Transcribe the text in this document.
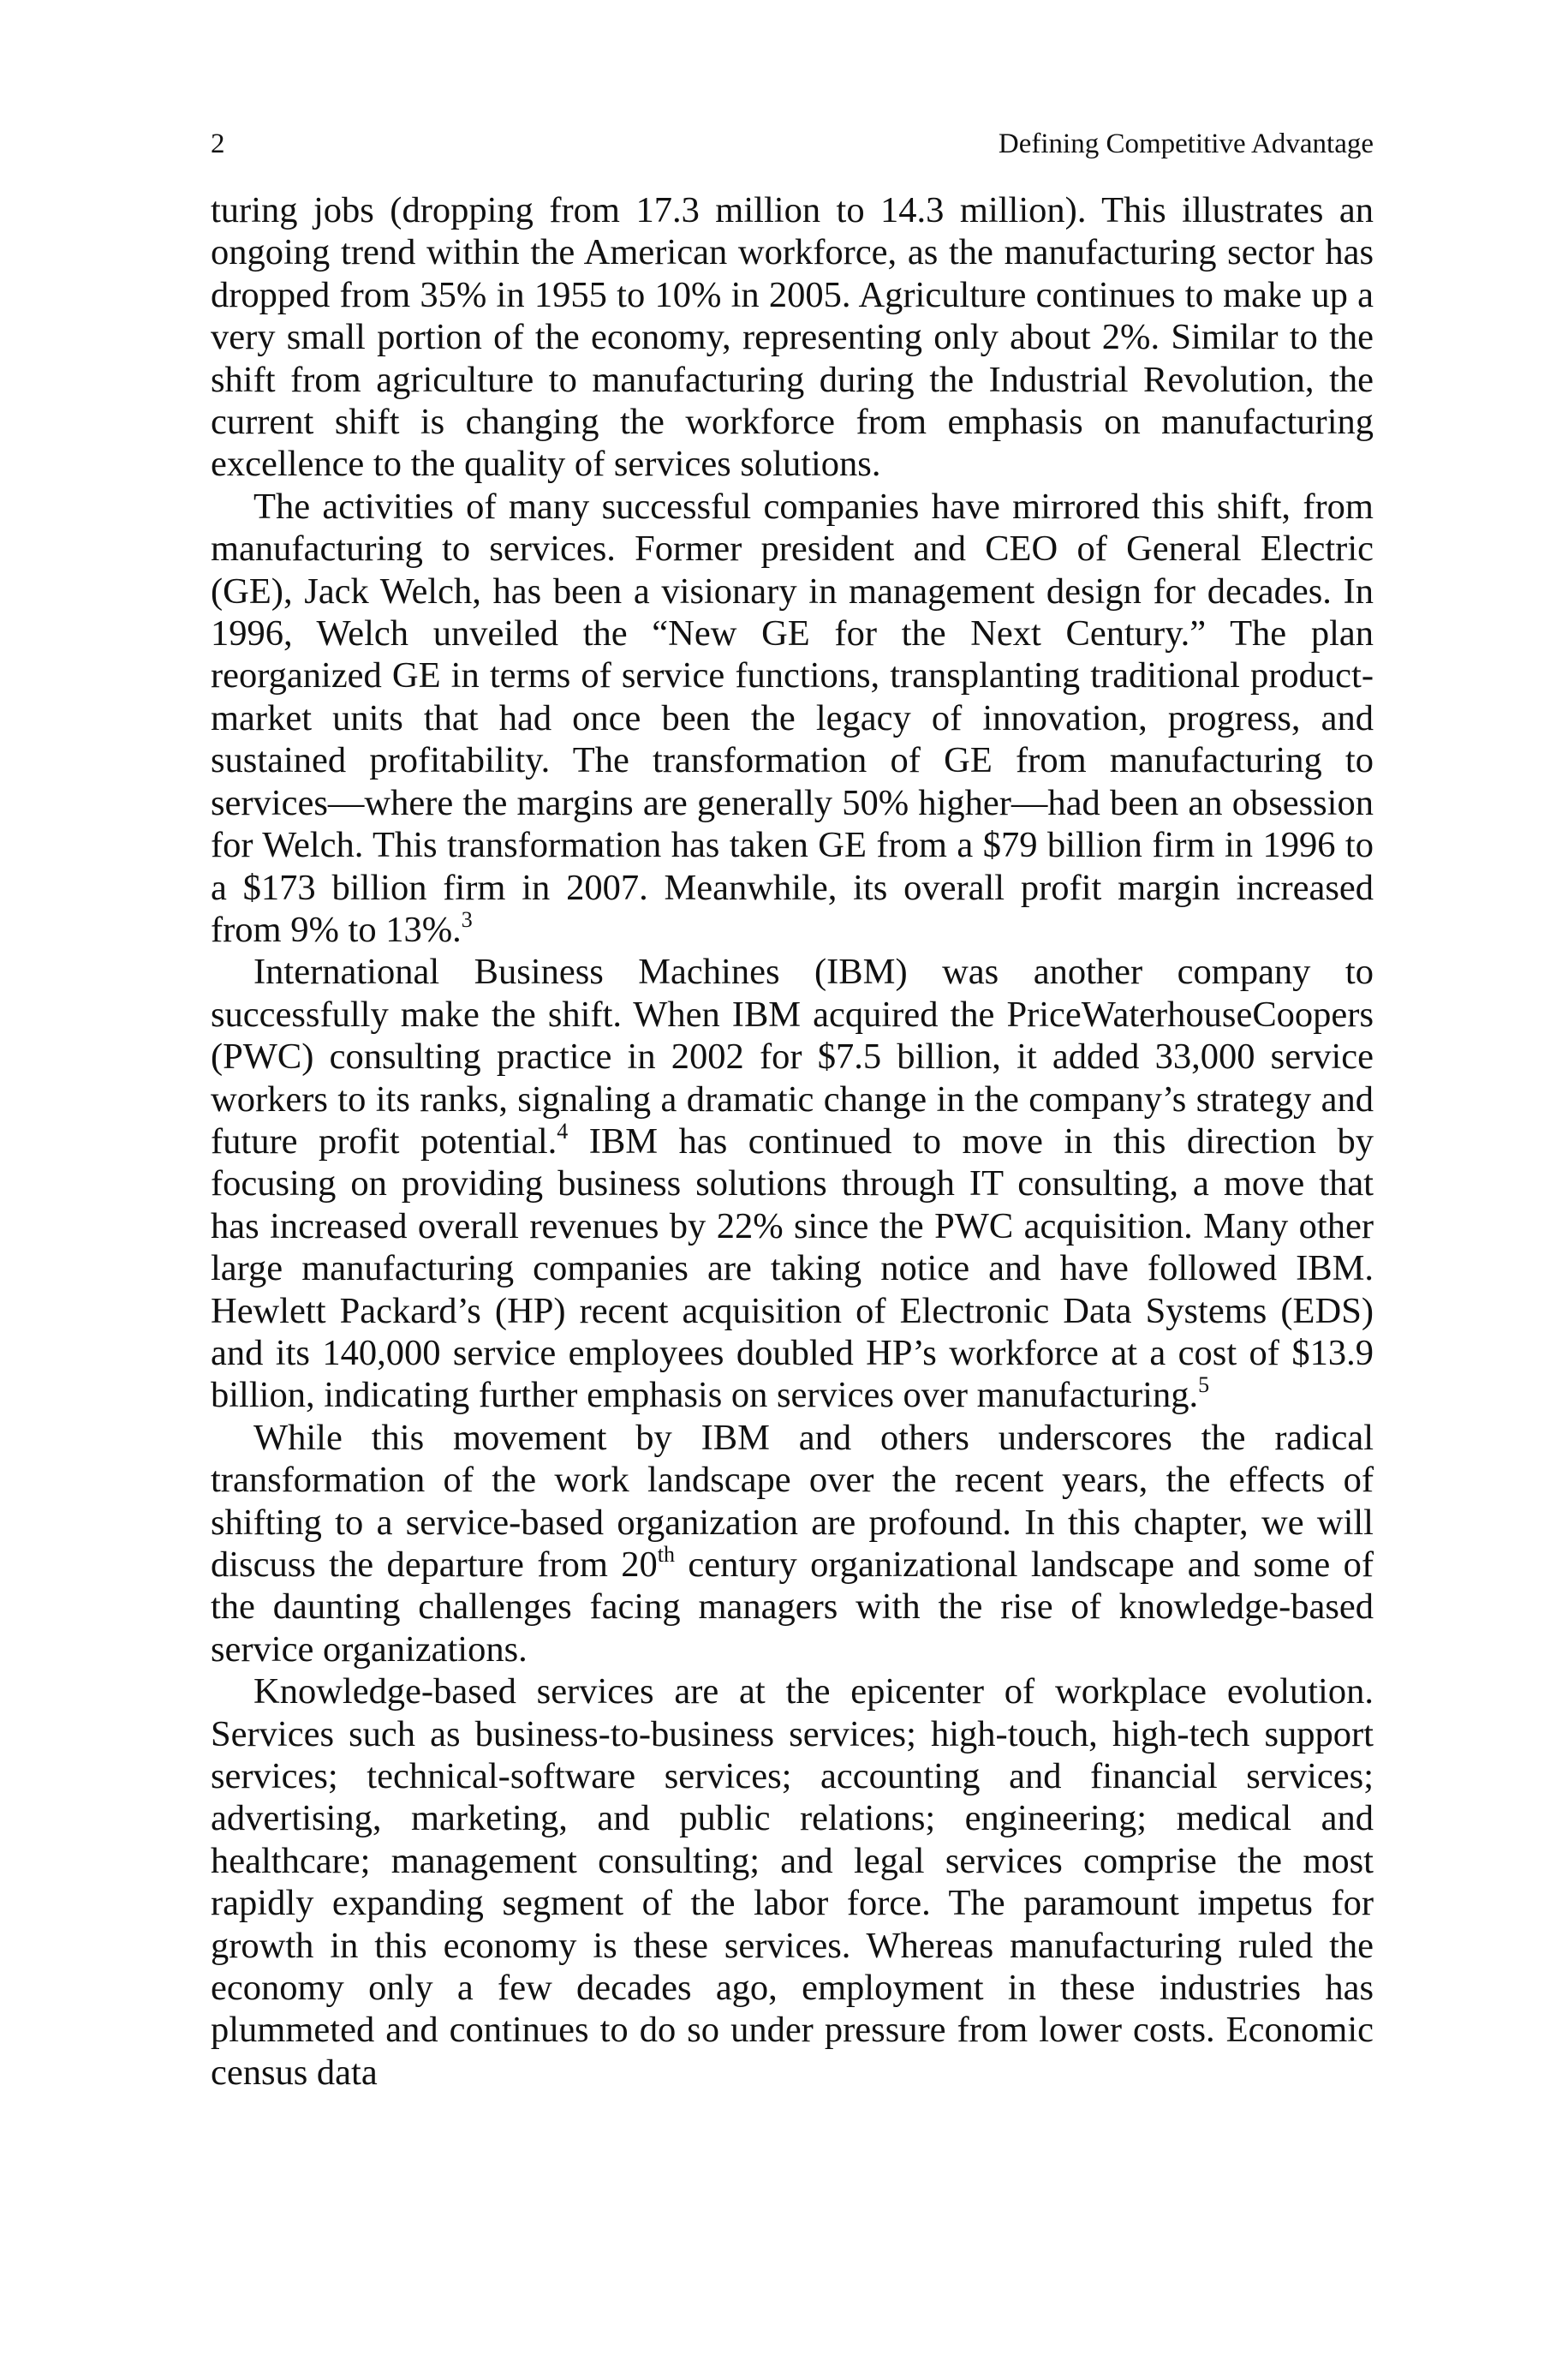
2	Defining Competitive Advantage

turing jobs (dropping from 17.3 million to 14.3 million). This illustrates an ongoing trend within the American workforce, as the manufacturing sector has dropped from 35% in 1955 to 10% in 2005. Agriculture continues to make up a very small portion of the economy, representing only about 2%. Similar to the shift from agriculture to manufacturing during the Industrial Revolution, the current shift is changing the workforce from emphasis on manufacturing excellence to the quality of services solutions.

The activities of many successful companies have mirrored this shift, from manufacturing to services. Former president and CEO of General Electric (GE), Jack Welch, has been a visionary in management design for decades. In 1996, Welch unveiled the “New GE for the Next Century.” The plan reorganized GE in terms of service functions, transplanting traditional product-market units that had once been the legacy of innovation, progress, and sustained profitability. The transformation of GE from manufacturing to services—where the margins are generally 50% higher—had been an obsession for Welch. This transformation has taken GE from a $79 billion firm in 1996 to a $173 billion firm in 2007. Meanwhile, its overall profit margin increased from 9% to 13%.$^3$

International Business Machines (IBM) was another company to successfully make the shift. When IBM acquired the PriceWaterhouseCoopers (PWC) consulting practice in 2002 for $7.5 billion, it added 33,000 service workers to its ranks, signaling a dramatic change in the company’s strategy and future profit potential.$^4$ IBM has continued to move in this direction by focusing on providing business solutions through IT consulting, a move that has increased overall revenues by 22% since the PWC acquisition. Many other large manufacturing companies are taking notice and have followed IBM. Hewlett Packard’s (HP) recent acquisition of Electronic Data Systems (EDS) and its 140,000 service employees doubled HP’s workforce at a cost of $13.9 billion, indicating further emphasis on services over manufacturing.$^5$

While this movement by IBM and others underscores the radical transformation of the work landscape over the recent years, the effects of shifting to a service-based organization are profound. In this chapter, we will discuss the departure from 20th century organizational landscape and some of the daunting challenges facing managers with the rise of knowledge-based service organizations.

Knowledge-based services are at the epicenter of workplace evolution. Services such as business-to-business services; high-touch, high-tech support services; technical-software services; accounting and financial services; advertising, marketing, and public relations; engineering; medical and healthcare; management consulting; and legal services comprise the most rapidly expanding segment of the labor force. The paramount impetus for growth in this economy is these services. Whereas manufacturing ruled the economy only a few decades ago, employment in these industries has plummeted and continues to do so under pressure from lower costs. Economic census data
